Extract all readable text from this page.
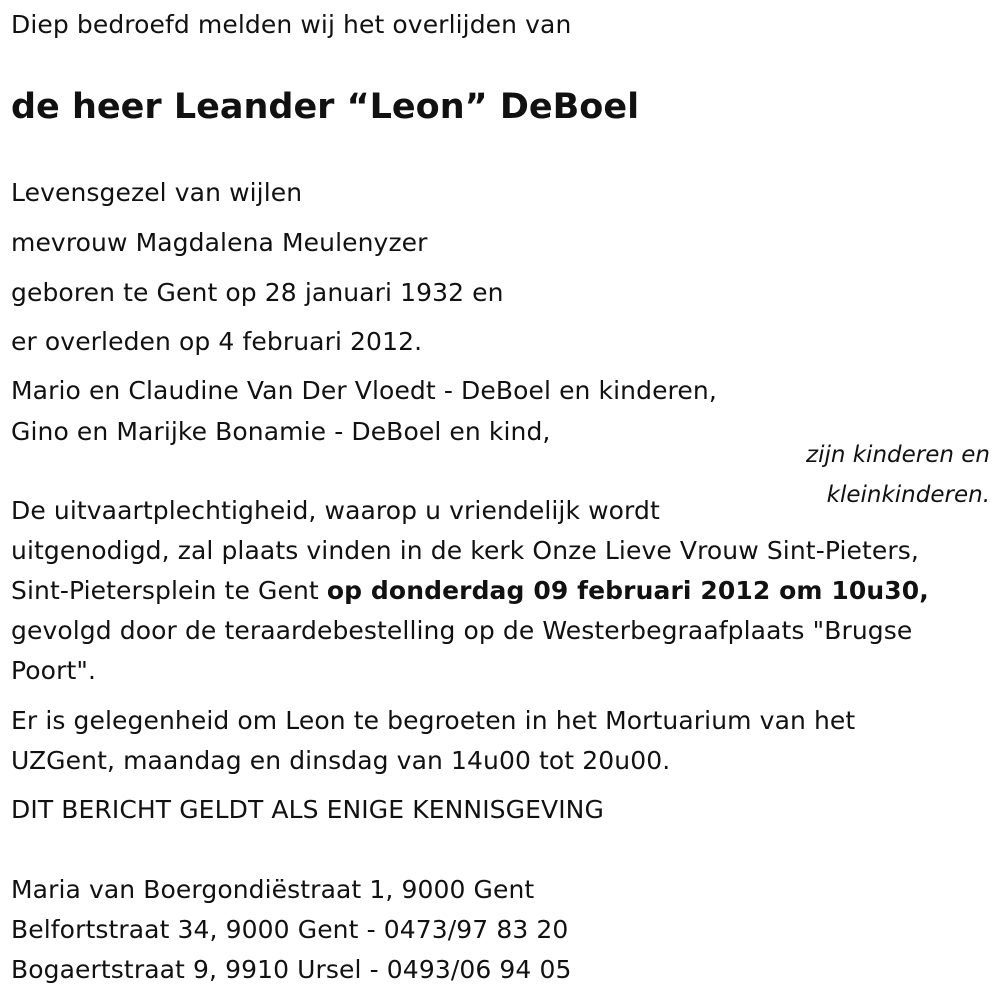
Diep bedroefd melden wij het overlijden van
de heer Leander “Leon” DeBoel
Levensgezel van wijlen
mevrouw Magdalena Meulenyzer
geboren te Gent op 28 januari 1932 en
er overleden op 4 februari 2012.
Mario en Claudine Van Der Vloedt - DeBoel en kinderen,
Gino en Marijke Bonamie - DeBoel en kind,
zijn kinderen en
kleinkinderen.
De uitvaartplechtigheid, waarop u vriendelijk wordt
uitgenodigd, zal plaats vinden in de kerk Onze Lieve Vrouw Sint-Pieters,
Sint-Pietersplein te Gent op donderdag 09 februari 2012 om 10u30,
gevolgd door de teraardebestelling op de Westerbegraafplaats "Brugse
Poort".
Er is gelegenheid om Leon te begroeten in het Mortuarium van het
UZGent, maandag en dinsdag van 14u00 tot 20u00.
DIT BERICHT GELDT ALS ENIGE KENNISGEVING
Maria van Boergondiëstraat 1, 9000 Gent
Belfortstraat 34, 9000 Gent - 0473/97 83 20
Bogaertstraat 9, 9910 Ursel - 0493/06 94 05
